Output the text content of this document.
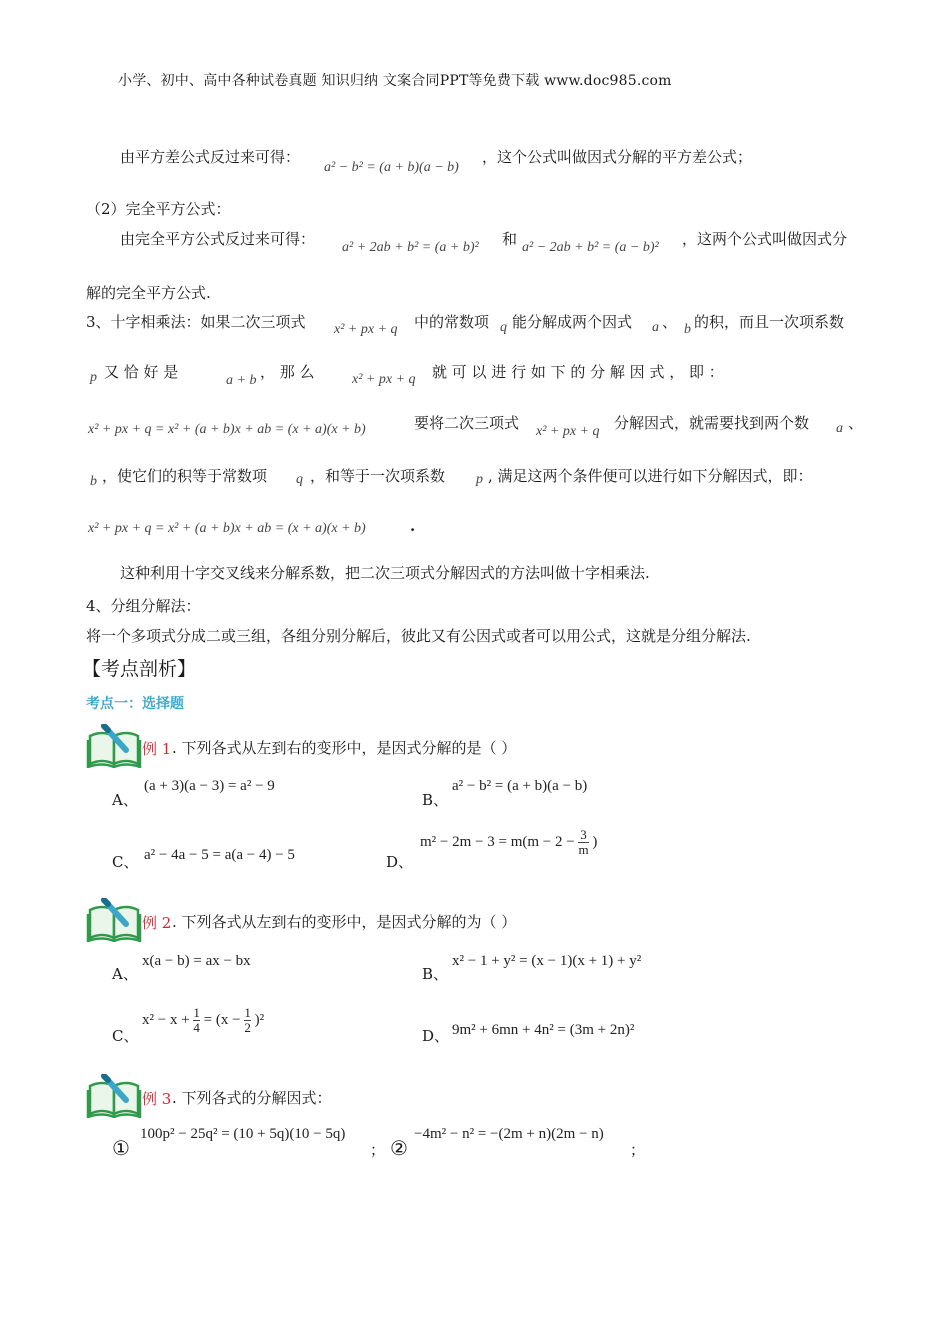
小学、初中、高中各种试卷真题 知识归纳 文案合同PPT等免费下载 www.doc985.com
由平方差公式反过来可得：
a² − b² = (a + b)(a − b)
，这个公式叫做因式分解的平方差公式；
（2）完全平方公式：
由完全平方公式反过来可得： a² + 2ab + b² = (a + b)² 和 a² − 2ab + b² = (a − b)² ，这两个公式叫做因式分
解的完全平方公式.
3、十字相乘法：如果二次三项式 x² + px + q 中的常数项 q 能分解成两个因式 a 、 b 的积，而且一次项系数
p 又 恰 好 是	a + b ， 那 么	x² + px + q 就 可 以 进 行 如 下 的 分 解 因 式 ， 即 ：
x² + px + q = x² + (a + b)x + ab = (x + a)(x + b)	要将二次三项式 x² + px + q 分解因式，就需要找到两个数 a 、
b ，使它们的积等于常数项 q ，和等于一次项系数 p , 满足这两个条件便可以进行如下分解因式，即：
x² + px + q = x² + (a + b)x + ab = (x + a)(x + b)	.
这种利用十字交叉线来分解系数，把二次三项式分解因式的方法叫做十字相乘法.
4、分组分解法：
将一个多项式分成二或三组，各组分别分解后，彼此又有公因式或者可以用公式，这就是分组分解法.
【考点剖析】
考点一：选择题
例 1 . 下列各式从左到右的变形中，是因式分解的是（ ）
A、
(a + 3)(a − 3) = a² − 9
B、
a² − b² = (a + b)(a − b)
C、 a² − 4a − 5 = a(a − 4) − 5	D、
$m^2 - 2m - 3 = m(m - 2 - \frac{3}{m}$ )
例 2 . 下列各式从左到右的变形中，是因式分解的为（ ）
A、
x(a − b) = ax − bx
B、
x² − 1 + y² = (x − 1)(x + 1) + y²
C、
$x^2 - x + \frac{1}{4} = (x - \frac{1}{2} )^2$
D、 9m² + 6mn + 4n² = (3m + 2n)²
例 3 . 下列各式的分解因式：
①
100p² − 25q² = (10 + 5q)(10 − 5q)
； ②
−4m² − n² = −(2m + n)(2m − n)
；
